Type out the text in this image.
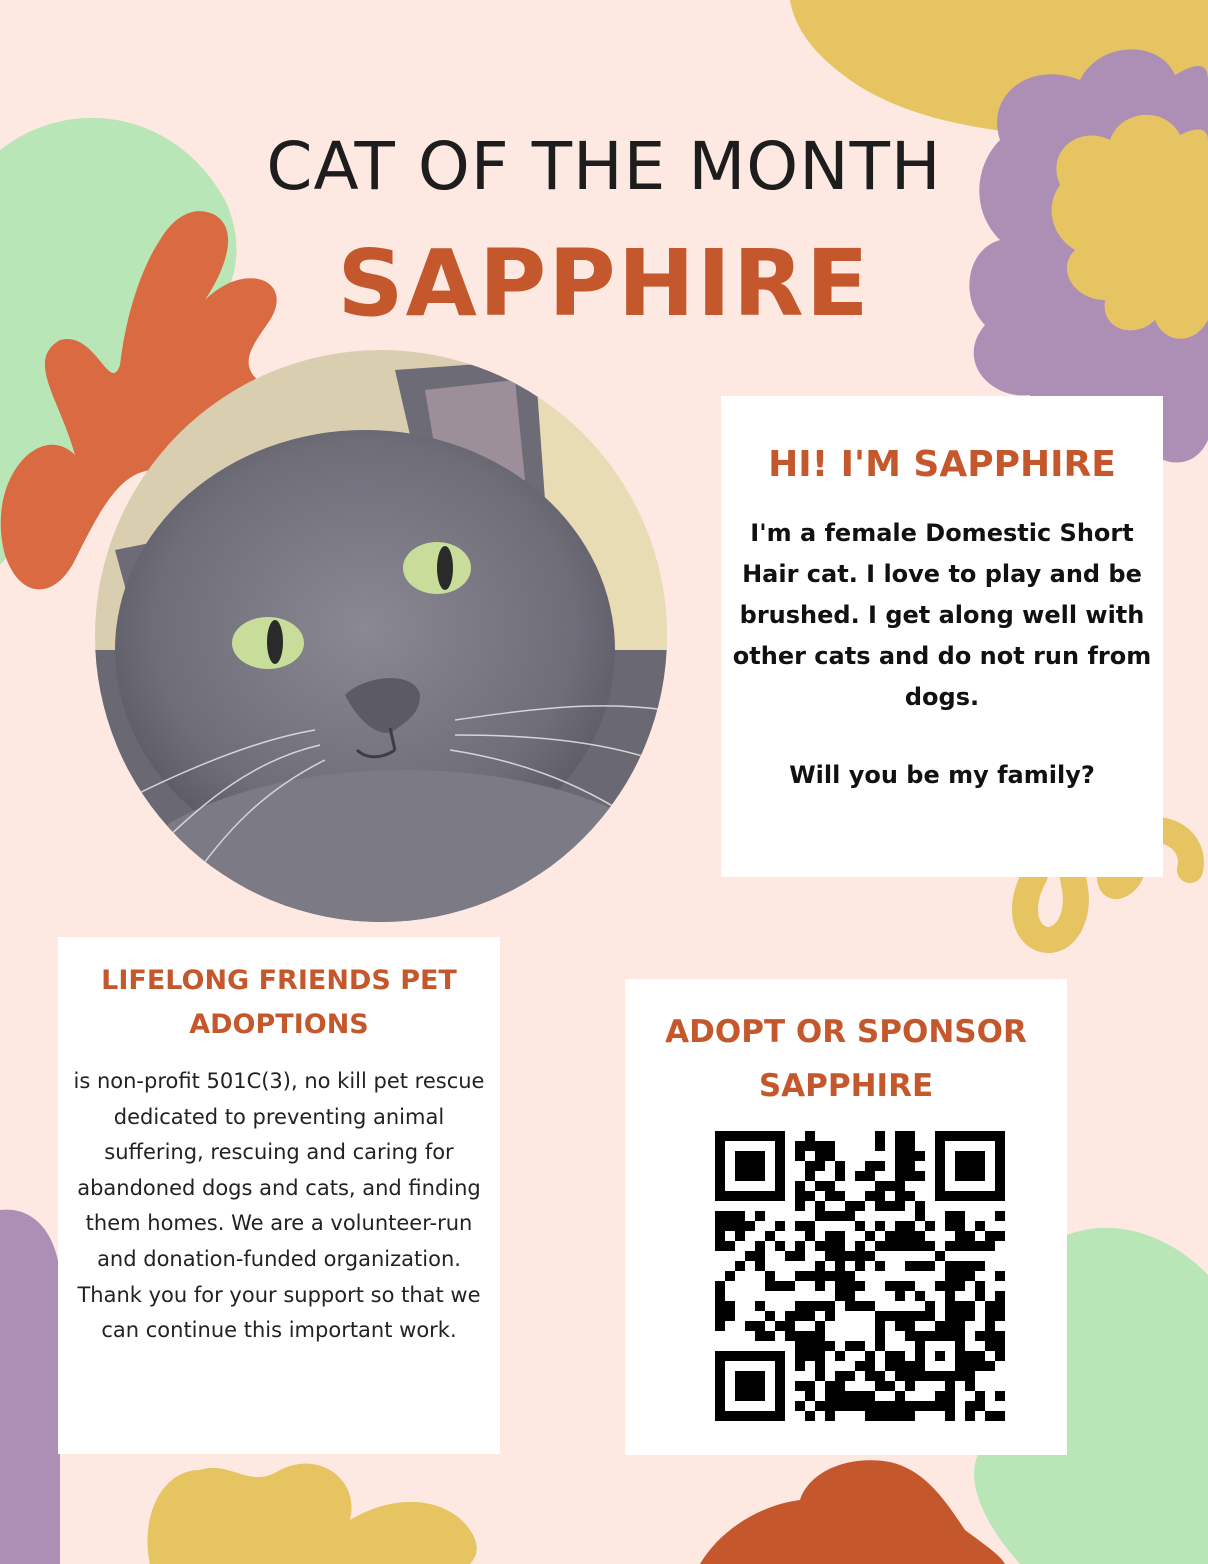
CAT OF THE MONTH
SAPPHIRE
HI! I'M SAPPHIRE
I'm a female Domestic Short Hair cat. I love to play and be brushed. I get along well with other cats and do not run from dogs.
Will you be my family?
LIFELONG FRIENDS PET ADOPTIONS
is non-profit 501C(3), no kill pet rescue dedicated to preventing animal suffering, rescuing and caring for abandoned dogs and cats, and finding them homes. We are a volunteer-run and donation-funded organization. Thank you for your support so that we can continue this important work.
ADOPT OR SPONSOR SAPPHIRE
